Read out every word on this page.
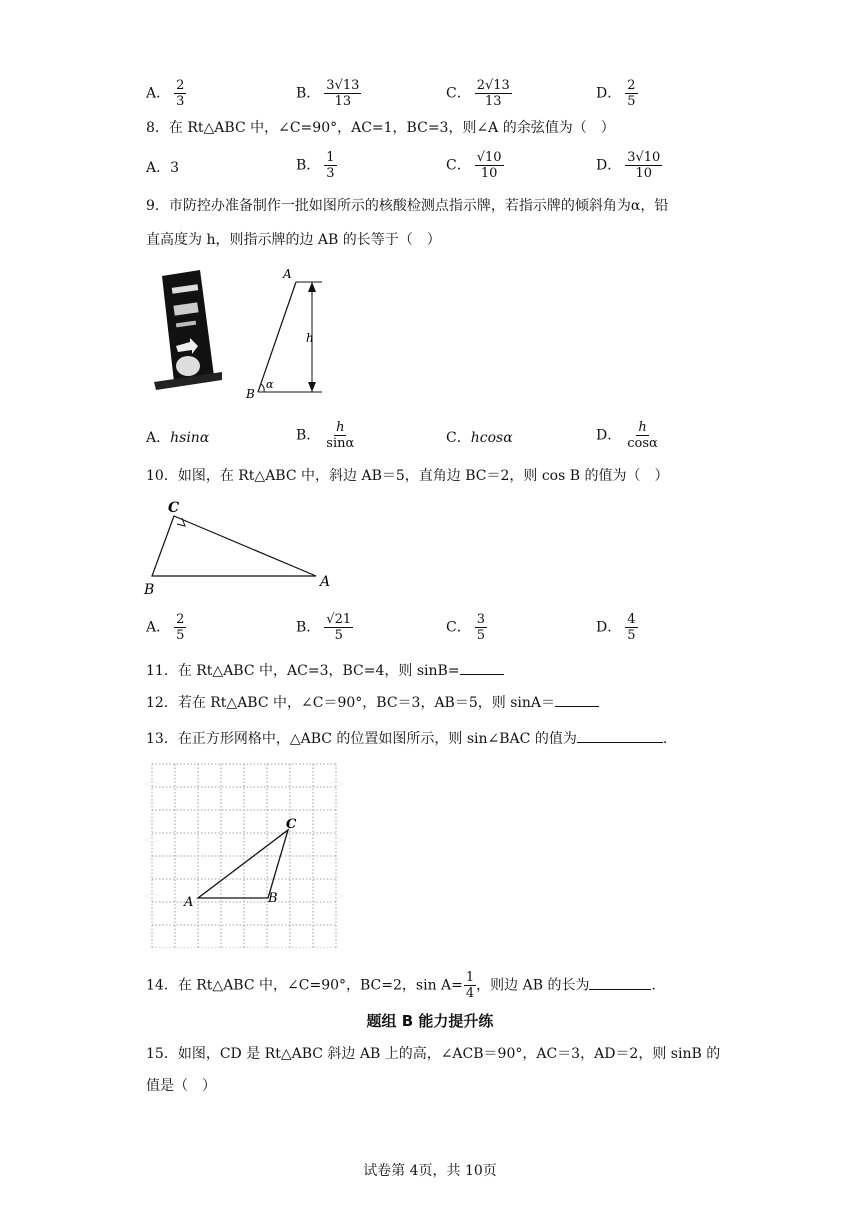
A． $\frac{2}{3}$	B． $\frac{3√13}{13}$	C． $\frac{2√13}{13}$	D． $\frac{2}{5}$
8．在 Rt△ABC 中，∠C=90°，AC=1，BC=3，则∠A 的余弦值为（　）
A．3	B． $\frac{1}{3}$	C． $\frac{√10}{10}$	D． $\frac{3√10}{10}$
9．市防控办准备制作一批如图所示的核酸检测点指示牌，若指示牌的倾斜角为α，铅
直高度为 h，则指示牌的边 AB 的长等于（　）
A
B
h
α
A．hsinα	B． $\frac{h}{\sin\alpha}$	C．hcosα	D． $\frac{h}{\cos\alpha}$
10．如图，在 Rt△ABC 中，斜边 AB＝5，直角边 BC＝2，则 cos B 的值为（　）
C
B	A
A． $\frac{2}{5}$	B． $\frac{√21}{5}$	C． $\frac{3}{5}$	D． $\frac{4}{5}$
11．在 Rt△ABC 中，AC=3，BC=4，则 sinB=
12．若在 Rt△ABC 中，∠C＝90°，BC＝3，AB＝5，则 sinA＝
13．在正方形网格中，△ABC 的位置如图所示，则 sin∠BAC 的值为	.
A	B
C
14．在 Rt△ABC 中，∠C=90°，BC=2，$\sin A= \frac{1}{4}$ ，则边 AB 的长为	.
题组 B 能力提升练
15．如图，CD 是 Rt△ABC 斜边 AB 上的高，∠ACB＝90°，AC＝3，AD＝2，则 sinB 的
值是（　）
试卷第 4页，共 10页
